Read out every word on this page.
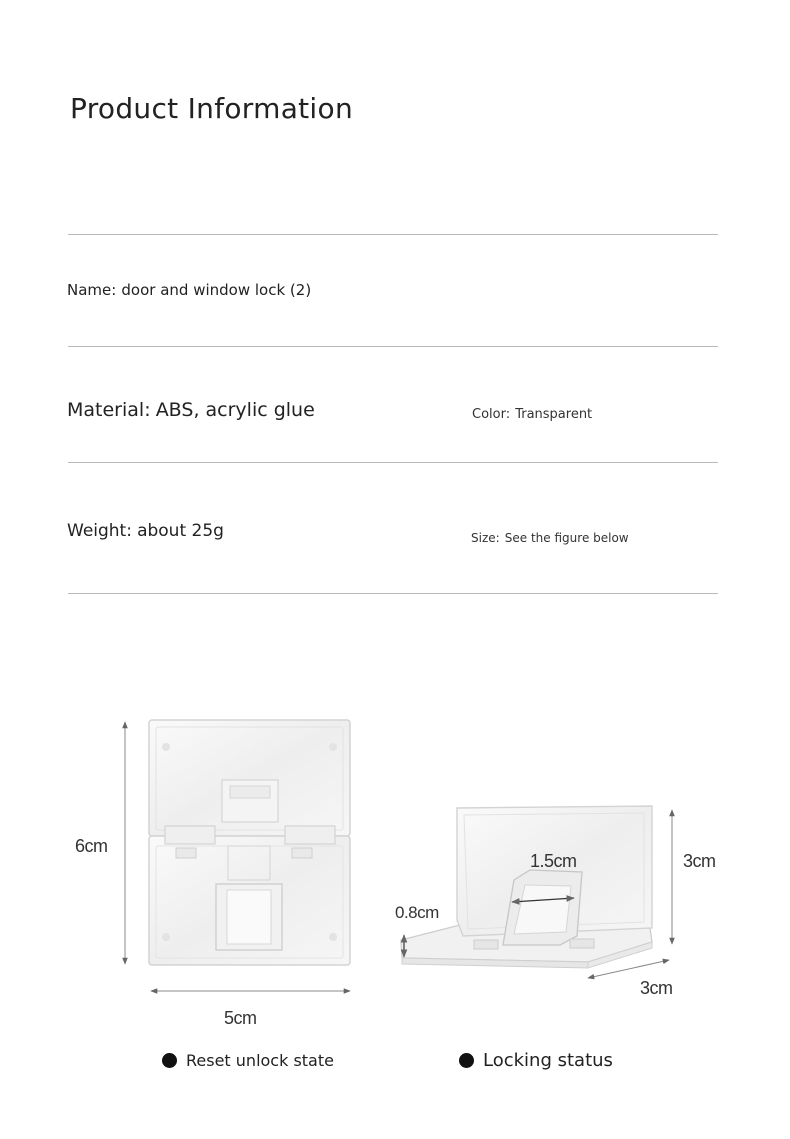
Product Information
Name: door and window lock (2)
Material: ABS, acrylic glue	Color: Transparent
Weight: about 25g	Size: See the figure below
6cm
5cm
1.5cm	3cm
0.8cm
3cm
Reset unlock state	Locking status
